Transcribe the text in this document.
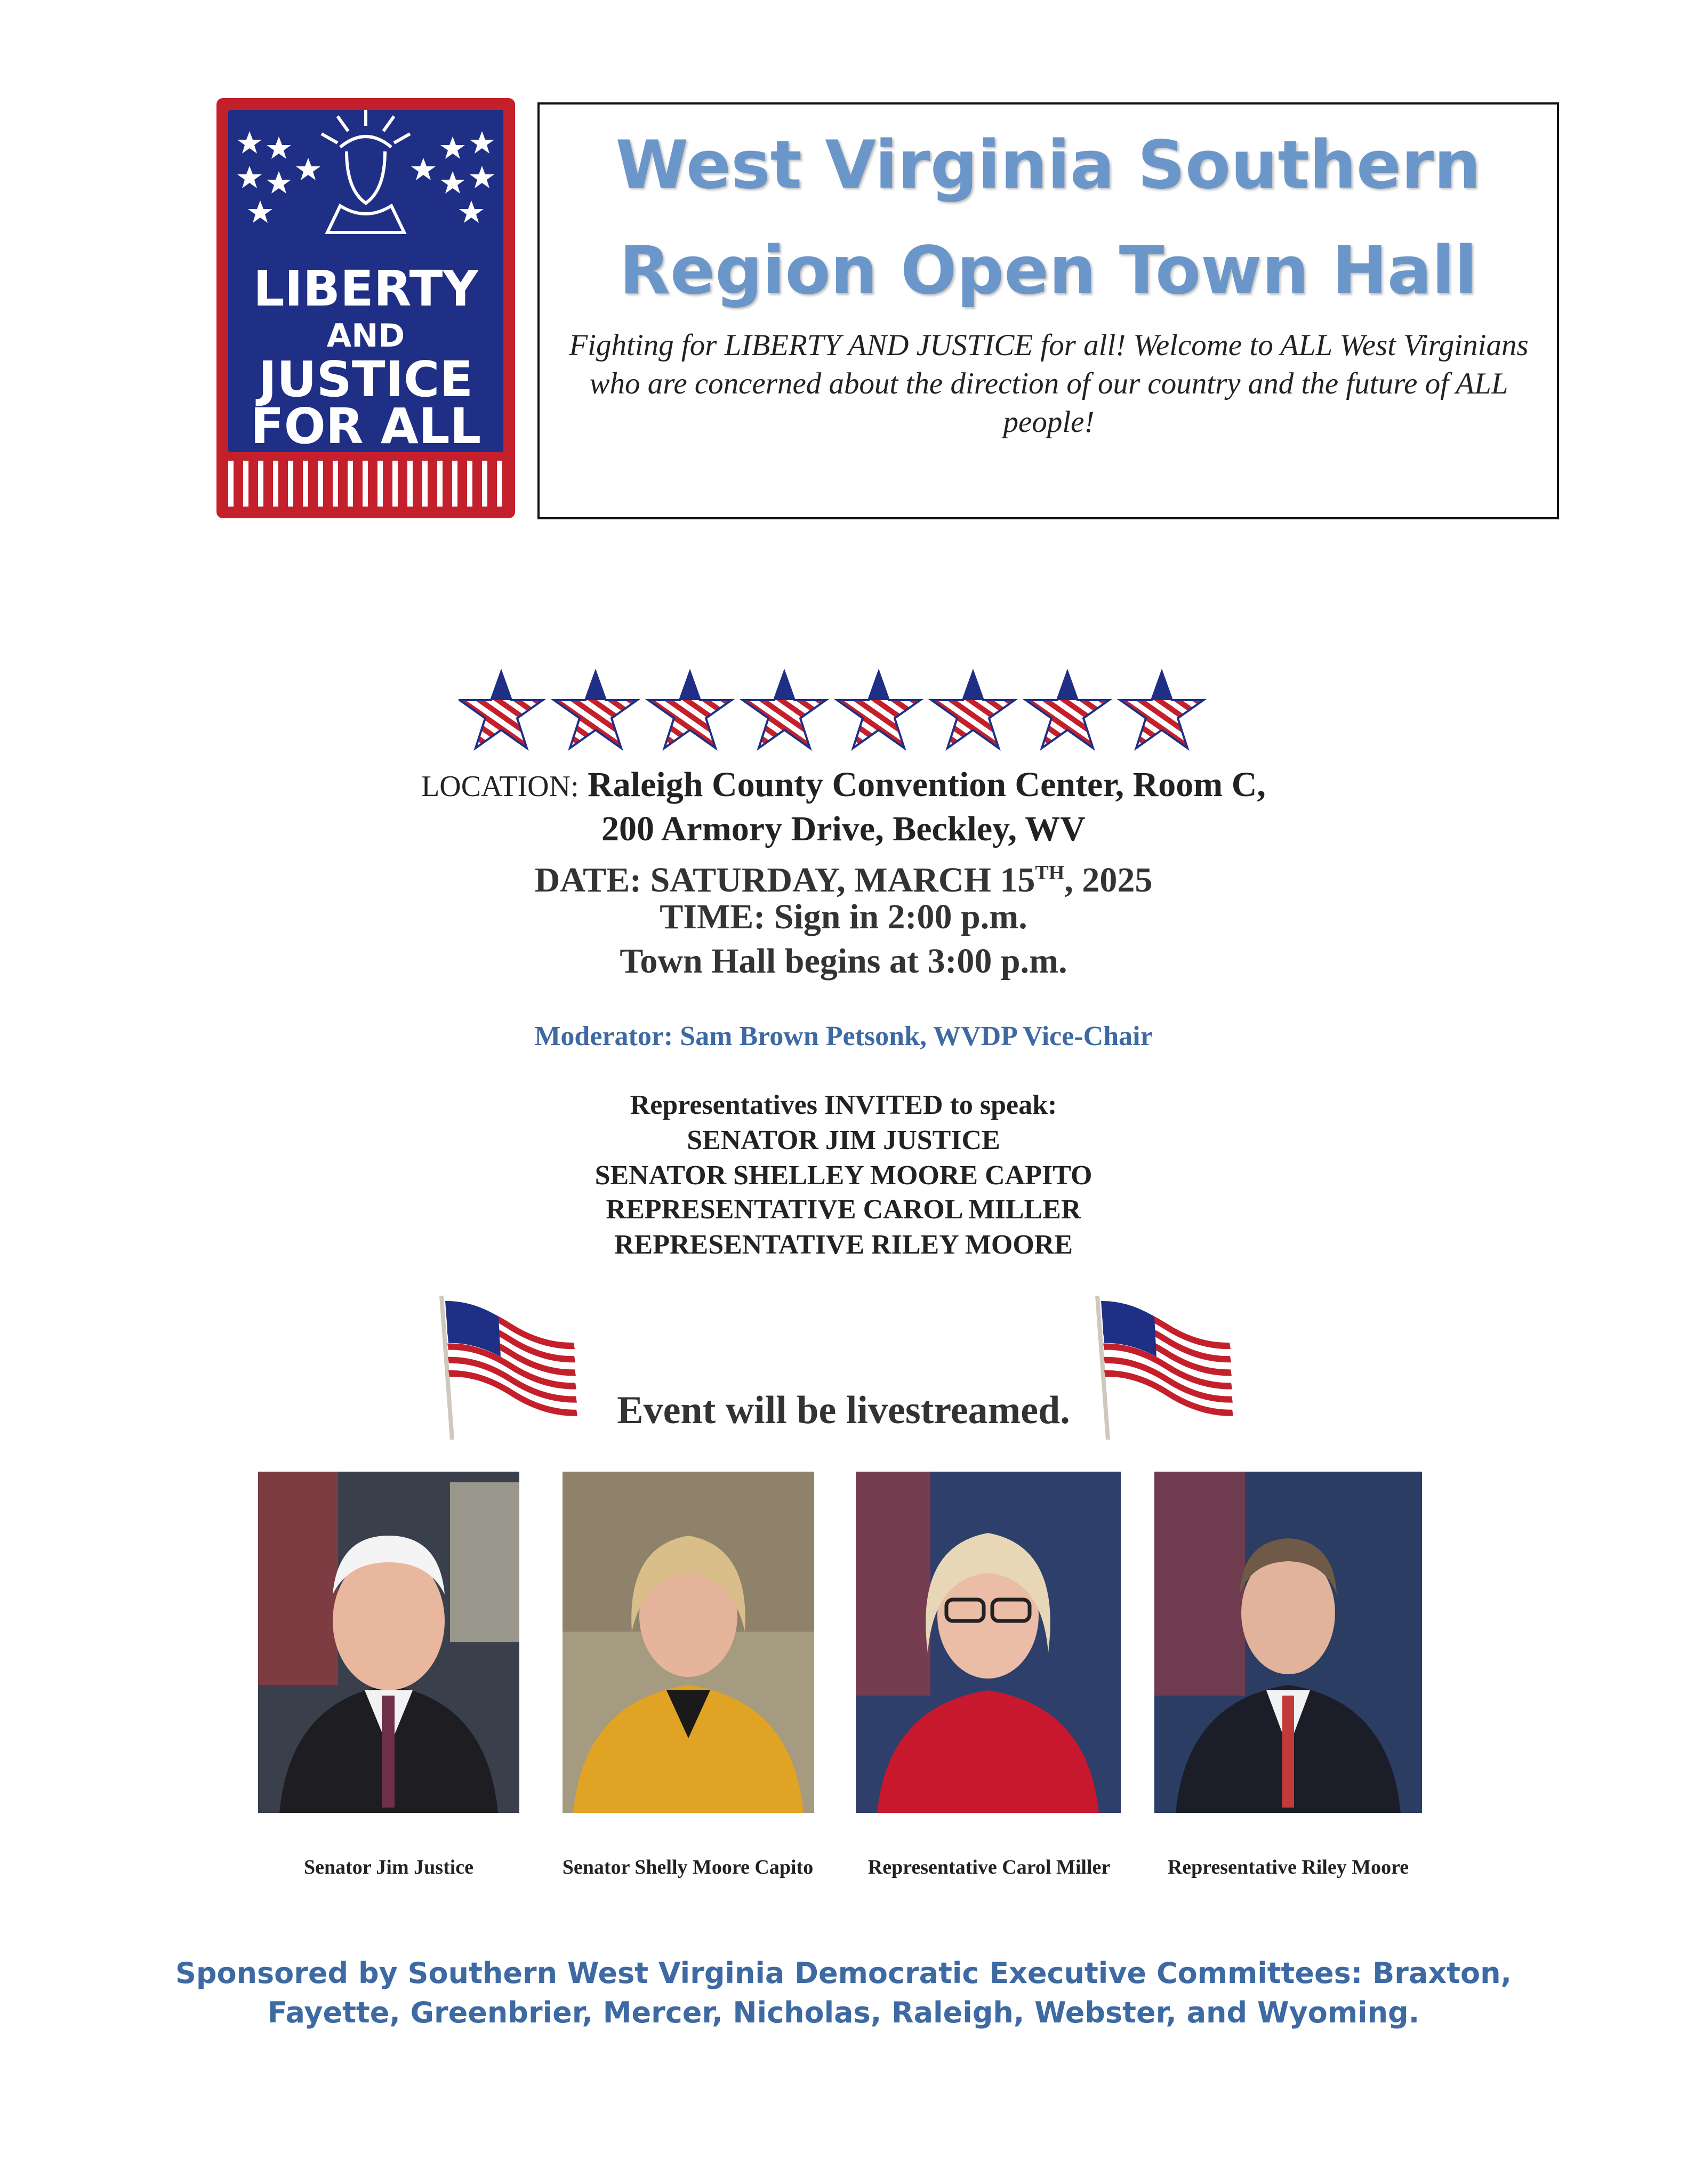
LIBERTY
AND
JUSTICE
FOR ALL
West Virginia Southern
Region Open Town Hall
Fighting for LIBERTY AND JUSTICE for all! Welcome to ALL West Virginians who are concerned about the direction of our country and the future of ALL people!
LOCATION: Raleigh County Convention Center, Room C,
200 Armory Drive, Beckley, WV
DATE: SATURDAY, MARCH 15TH, 2025
TIME: Sign in 2:00 p.m.
Town Hall begins at 3:00 p.m.
Moderator: Sam Brown Petsonk, WVDP Vice-Chair
Representatives INVITED to speak:
SENATOR JIM JUSTICE
SENATOR SHELLEY MOORE CAPITO
REPRESENTATIVE CAROL MILLER
REPRESENTATIVE RILEY MOORE
Event will be livestreamed.
Senator Jim Justice	Senator Shelly Moore Capito	Representative Carol Miller	Representative Riley Moore
Sponsored by Southern West Virginia Democratic Executive Committees: Braxton,
Fayette, Greenbrier, Mercer, Nicholas, Raleigh, Webster, and Wyoming.
